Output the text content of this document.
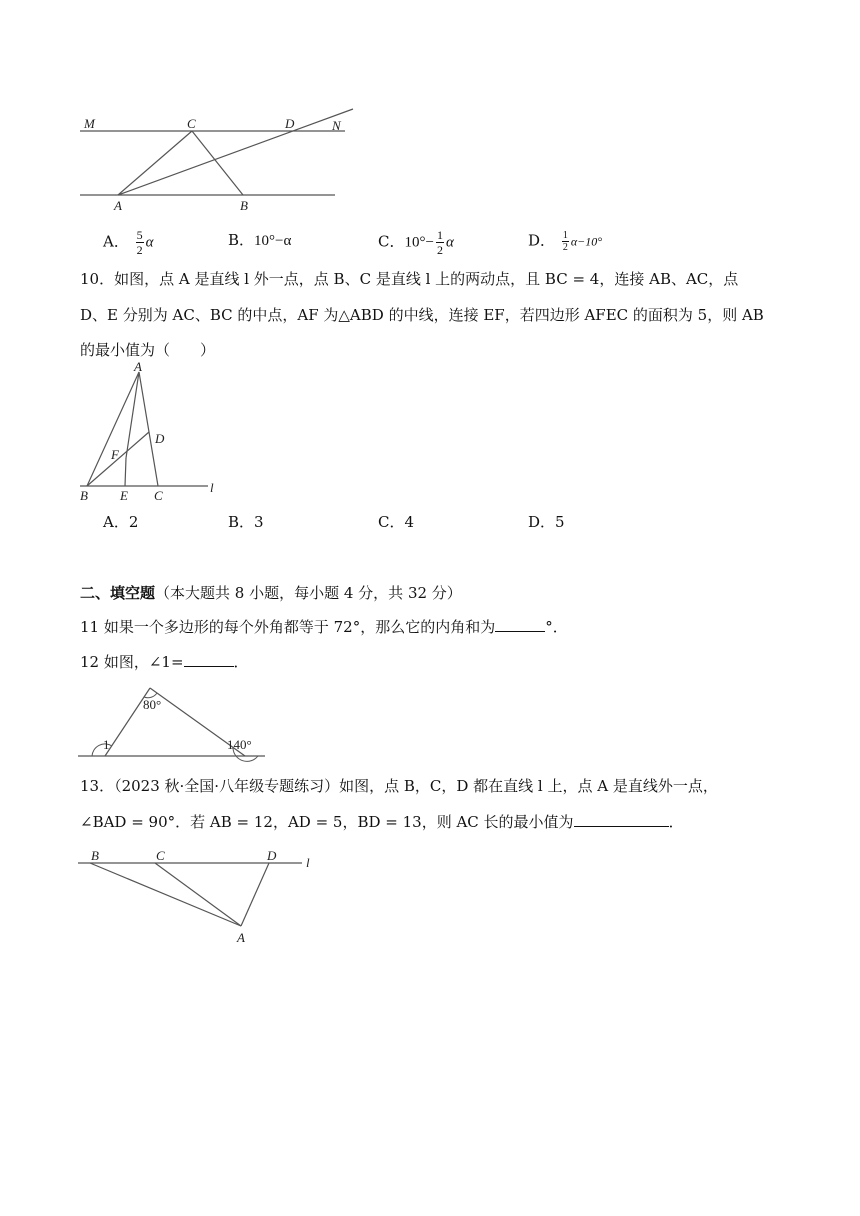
M	C	D	N
A	B
A． $\frac{5}{2}$ α	B．10°−α	C．$10^\circ- \frac{1}{2}$ α	D． $\frac{1}{2} \alpha-10^\circ$
10．如图，点 A 是直线 l 外一点，点 B、C 是直线 l 上的两动点，且 BC = 4，连接 AB、AC，点
D、E 分别为 AC、BC 的中点，AF 为△ABD 的中线，连接 EF，若四边形 AFEC 的面积为 5，则 AB
的最小值为（　　）
A
D
F
B E C
l
A．2	B．3	C．4	D．5
二、填空题（本大题共 8 小题，每小题 4 分，共 32 分）
11 如果一个多边形的每个外角都等于 72°，那么它的内角和为	°．
12 如图，∠1=	．
80°
140°
1
13．（2023 秋·全国·八年级专题练习）如图，点 B，C，D 都在直线 l 上，点 A 是直线外一点，
∠BAD = 90°．若 AB = 12，AD = 5，BD = 13，则 AC 长的最小值为	．
B	C	D l
A
